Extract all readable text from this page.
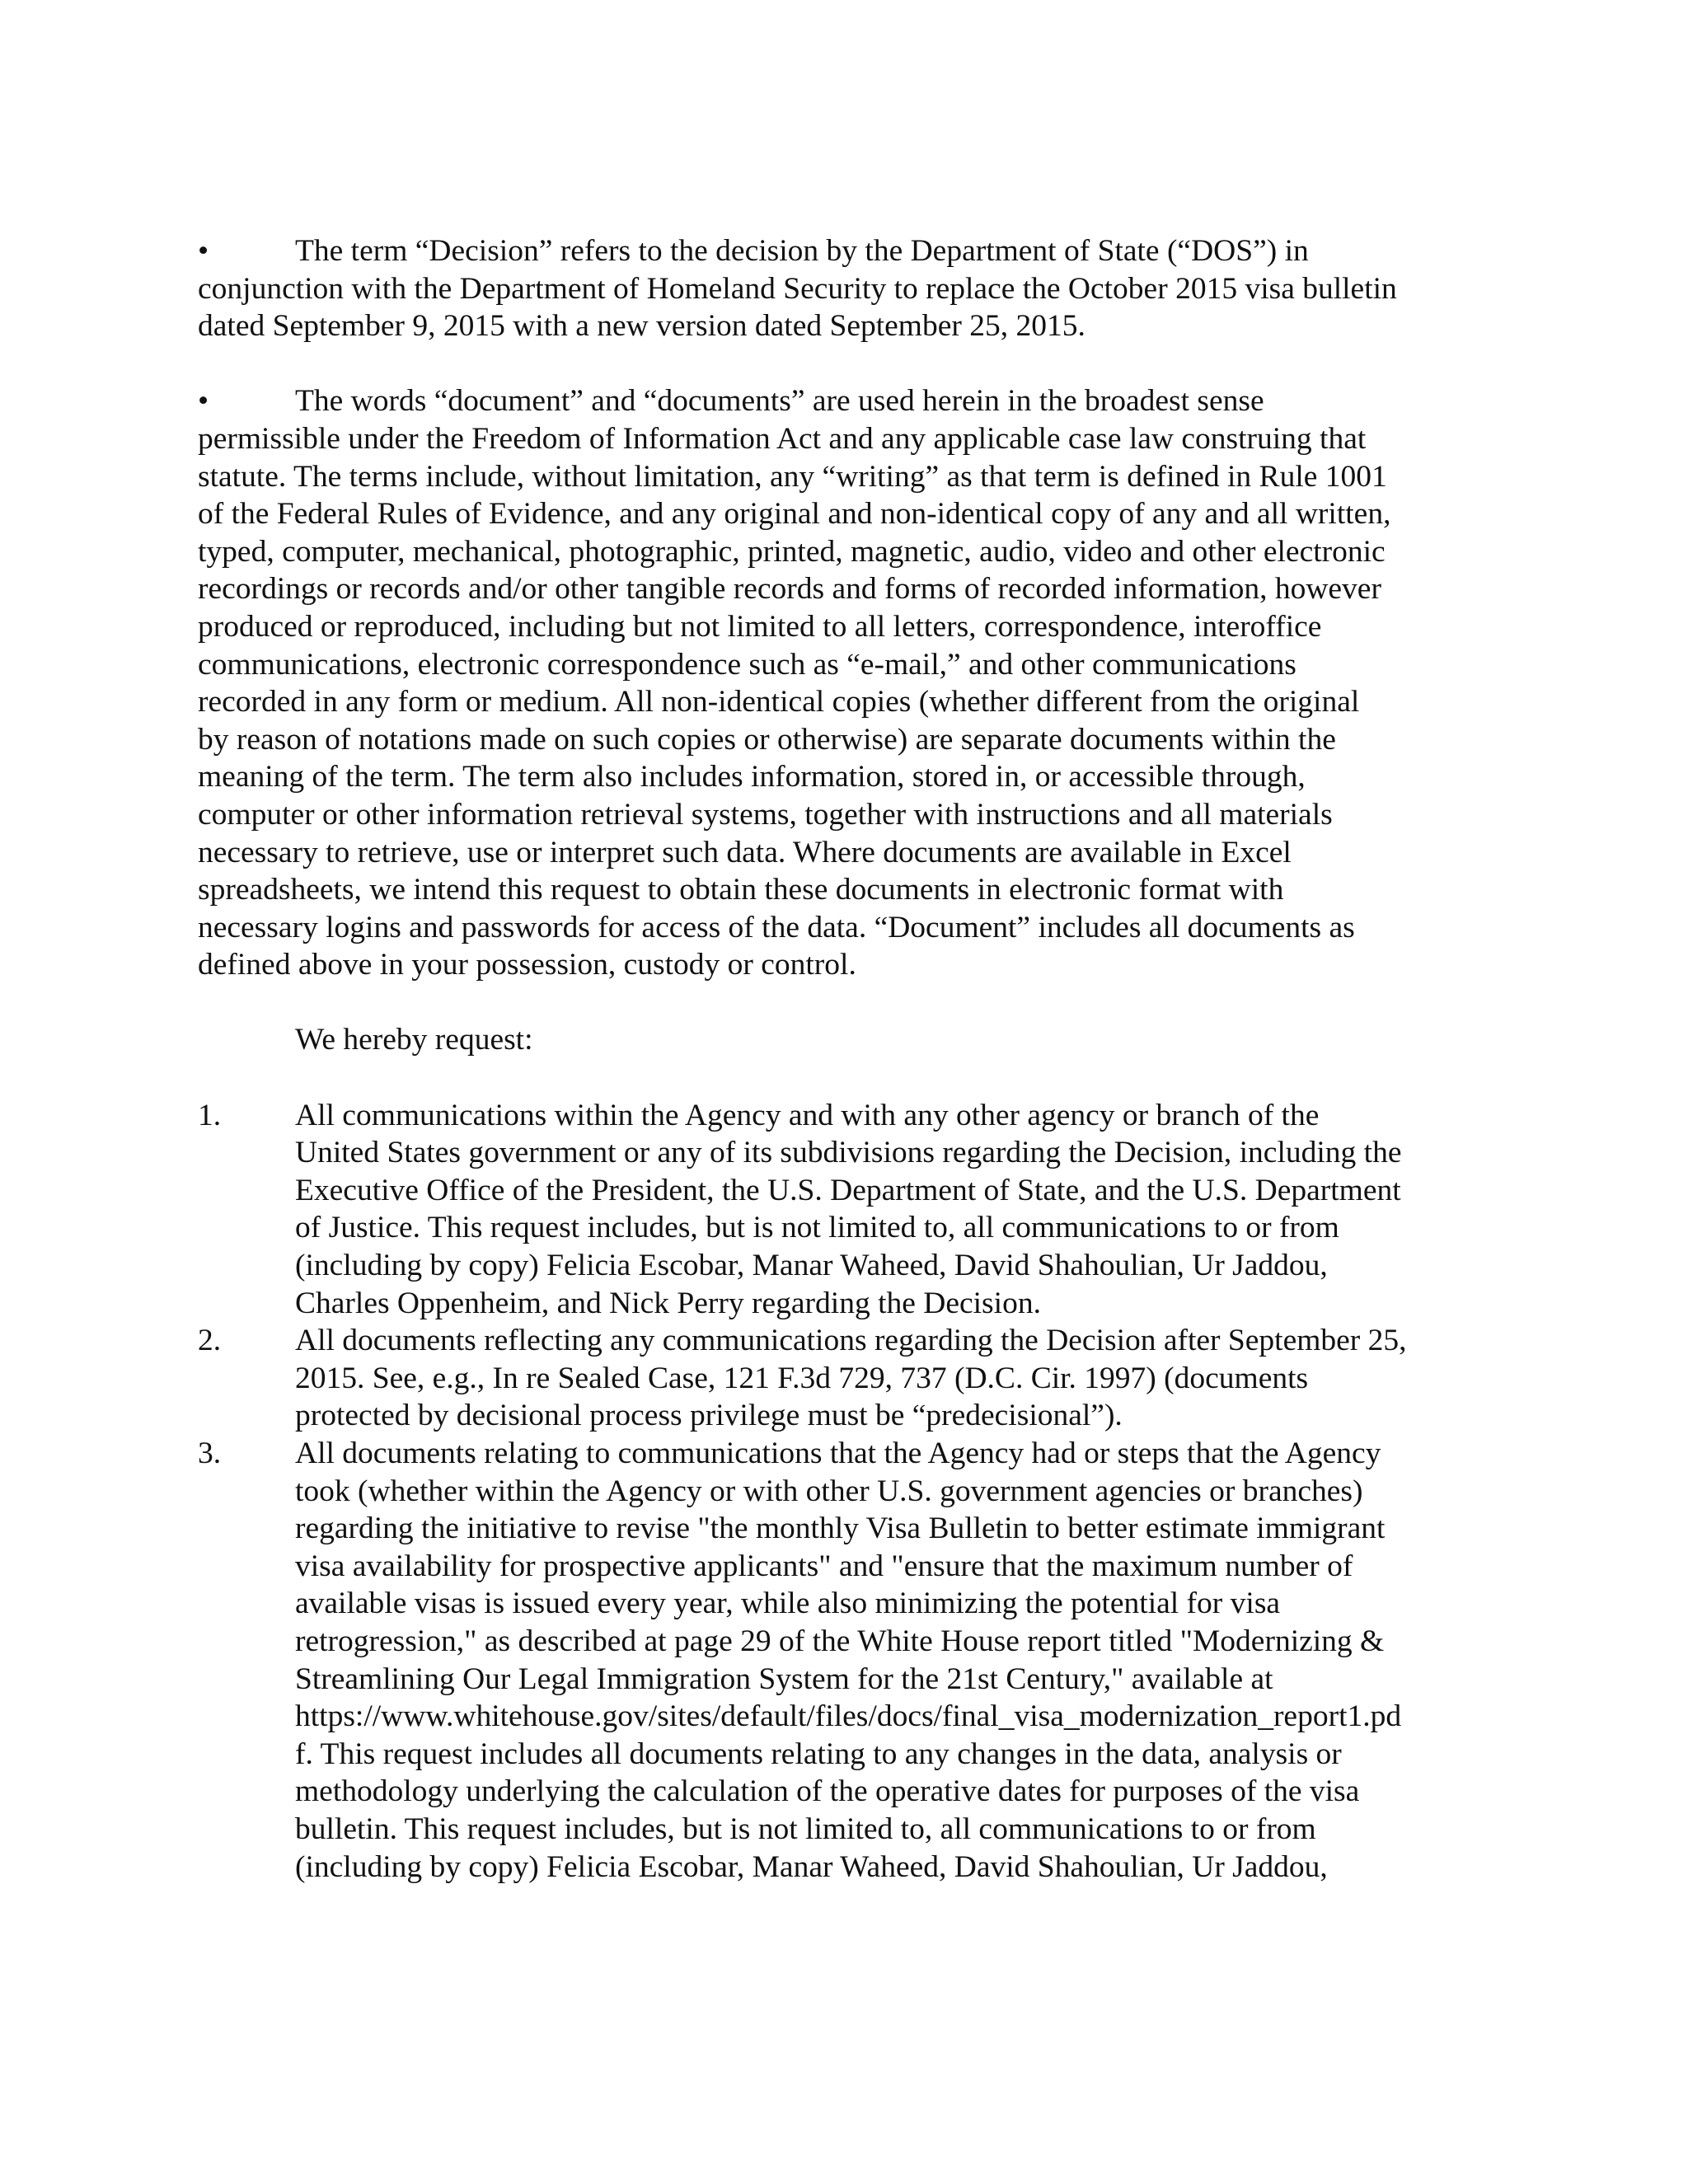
•	The term “Decision” refers to the decision by the Department of State (“DOS”) in
conjunction with the Department of Homeland Security to replace the October 2015 visa bulletin
dated September 9, 2015 with a new version dated September 25, 2015.
•	The words “document” and “documents” are used herein in the broadest sense
permissible under the Freedom of Information Act and any applicable case law construing that
statute. The terms include, without limitation, any “writing” as that term is defined in Rule 1001
of the Federal Rules of Evidence, and any original and non-identical copy of any and all written,
typed, computer, mechanical, photographic, printed, magnetic, audio, video and other electronic
recordings or records and/or other tangible records and forms of recorded information, however
produced or reproduced, including but not limited to all letters, correspondence, interoffice
communications, electronic correspondence such as “e-mail,” and other communications
recorded in any form or medium. All non-identical copies (whether different from the original
by reason of notations made on such copies or otherwise) are separate documents within the
meaning of the term. The term also includes information, stored in, or accessible through,
computer or other information retrieval systems, together with instructions and all materials
necessary to retrieve, use or interpret such data. Where documents are available in Excel
spreadsheets, we intend this request to obtain these documents in electronic format with
necessary logins and passwords for access of the data. “Document” includes all documents as
defined above in your possession, custody or control.

We hereby request:

1.	All communications within the Agency and with any other agency or branch of the
United States government or any of its subdivisions regarding the Decision, including the
Executive Office of the President, the U.S. Department of State, and the U.S. Department
of Justice. This request includes, but is not limited to, all communications to or from
(including by copy) Felicia Escobar, Manar Waheed, David Shahoulian, Ur Jaddou,
Charles Oppenheim, and Nick Perry regarding the Decision.
2.	All documents reflecting any communications regarding the Decision after September 25,
2015. See, e.g., In re Sealed Case, 121 F.3d 729, 737 (D.C. Cir. 1997) (documents
protected by decisional process privilege must be “predecisional”).
3.	All documents relating to communications that the Agency had or steps that the Agency
took (whether within the Agency or with other U.S. government agencies or branches)
regarding the initiative to revise "the monthly Visa Bulletin to better estimate immigrant
visa availability for prospective applicants" and "ensure that the maximum number of
available visas is issued every year, while also minimizing the potential for visa
retrogression," as described at page 29 of the White House report titled "Modernizing &
Streamlining Our Legal Immigration System for the 21st Century," available at
https://www.whitehouse.gov/sites/default/files/docs/final_visa_modernization_report1.pd
f. This request includes all documents relating to any changes in the data, analysis or
methodology underlying the calculation of the operative dates for purposes of the visa
bulletin. This request includes, but is not limited to, all communications to or from
(including by copy) Felicia Escobar, Manar Waheed, David Shahoulian, Ur Jaddou,
